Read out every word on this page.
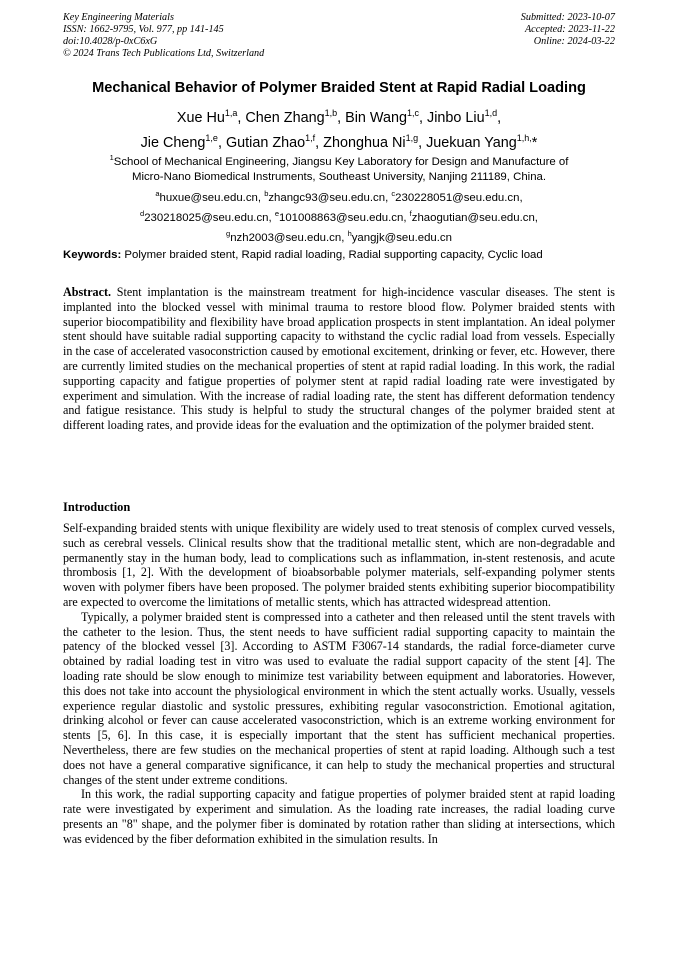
Key Engineering Materials
ISSN: 1662-9795, Vol. 977, pp 141-145
doi:10.4028/p-0xC6xG
© 2024 Trans Tech Publications Ltd, Switzerland
Submitted: 2023-10-07
Accepted: 2023-11-22
Online: 2024-03-22
Mechanical Behavior of Polymer Braided Stent at Rapid Radial Loading
Xue Hu$^{1,a}$, Chen Zhang$^{1,b}$, Bin Wang$^{1,c}$, Jinbo Liu$^{1,d}$,
Jie Cheng$^{1,e}$, Gutian Zhao$^{1,f}$, Zhonghua Ni$^{1,g}$, Juekuan Yang$^{1,h,}$*
$^1$School of Mechanical Engineering, Jiangsu Key Laboratory for Design and Manufacture of
Micro-Nano Biomedical Instruments, Southeast University, Nanjing 211189, China.
$^a$huxue@seu.edu.cn, $^b$zhangc93@seu.edu.cn, $^c$230228051@seu.edu.cn,
$^d$230218025@seu.edu.cn, $^e$101008863@seu.edu.cn, $^f$zhaogutian@seu.edu.cn,
$^g$nzh2003@seu.edu.cn, $^h$yangjk@seu.edu.cn
Keywords: Polymer braided stent, Rapid radial loading, Radial supporting capacity, Cyclic load
Abstract. Stent implantation is the mainstream treatment for high-incidence vascular diseases. The stent is implanted into the blocked vessel with minimal trauma to restore blood flow. Polymer braided stents with superior biocompatibility and flexibility have broad application prospects in stent implantation. An ideal polymer stent should have suitable radial supporting capacity to withstand the cyclic radial load from vessels. Especially in the case of accelerated vasoconstriction caused by emotional excitement, drinking or fever, etc. However, there are currently limited studies on the mechanical properties of stent at rapid radial loading. In this work, the radial supporting capacity and fatigue properties of polymer stent at rapid radial loading rate were investigated by experiment and simulation. With the increase of radial loading rate, the stent has different deformation tendency and fatigue resistance. This study is helpful to study the structural changes of the polymer braided stent at different loading rates, and provide ideas for the evaluation and the optimization of the polymer braided stent.
Introduction

Self-expanding braided stents with unique flexibility are widely used to treat stenosis of complex curved vessels, such as cerebral vessels. Clinical results show that the traditional metallic stent, which are non-degradable and permanently stay in the human body, lead to complications such as inflammation, in-stent restenosis, and acute thrombosis [1, 2]. With the development of bioabsorbable polymer materials, self-expanding polymer stents woven with polymer fibers have been proposed. The polymer braided stents exhibiting superior biocompatibility are expected to overcome the limitations of metallic stents, which has attracted widespread attention.

Typically, a polymer braided stent is compressed into a catheter and then released until the stent travels with the catheter to the lesion. Thus, the stent needs to have sufficient radial supporting capacity to maintain the patency of the blocked vessel [3]. According to ASTM F3067-14 standards, the radial force-diameter curve obtained by radial loading test in vitro was used to evaluate the radial support capacity of the stent [4]. The loading rate should be slow enough to minimize test variability between equipment and laboratories. However, this does not take into account the physiological environment in which the stent actually works. Usually, vessels experience regular diastolic and systolic pressures, exhibiting regular vasoconstriction. Emotional agitation, drinking alcohol or fever can cause accelerated vasoconstriction, which is an extreme working environment for stents [5, 6]. In this case, it is especially important that the stent has sufficient mechanical properties. Nevertheless, there are few studies on the mechanical properties of stent at rapid loading. Although such a test does not have a general comparative significance, it can help to study the mechanical properties and structural changes of the stent under extreme conditions.

In this work, the radial supporting capacity and fatigue properties of polymer braided stent at rapid loading rate were investigated by experiment and simulation. As the loading rate increases, the radial loading curve presents an "8" shape, and the polymer fiber is dominated by rotation rather than sliding at intersections, which was evidenced by the fiber deformation exhibited in the simulation results. In
